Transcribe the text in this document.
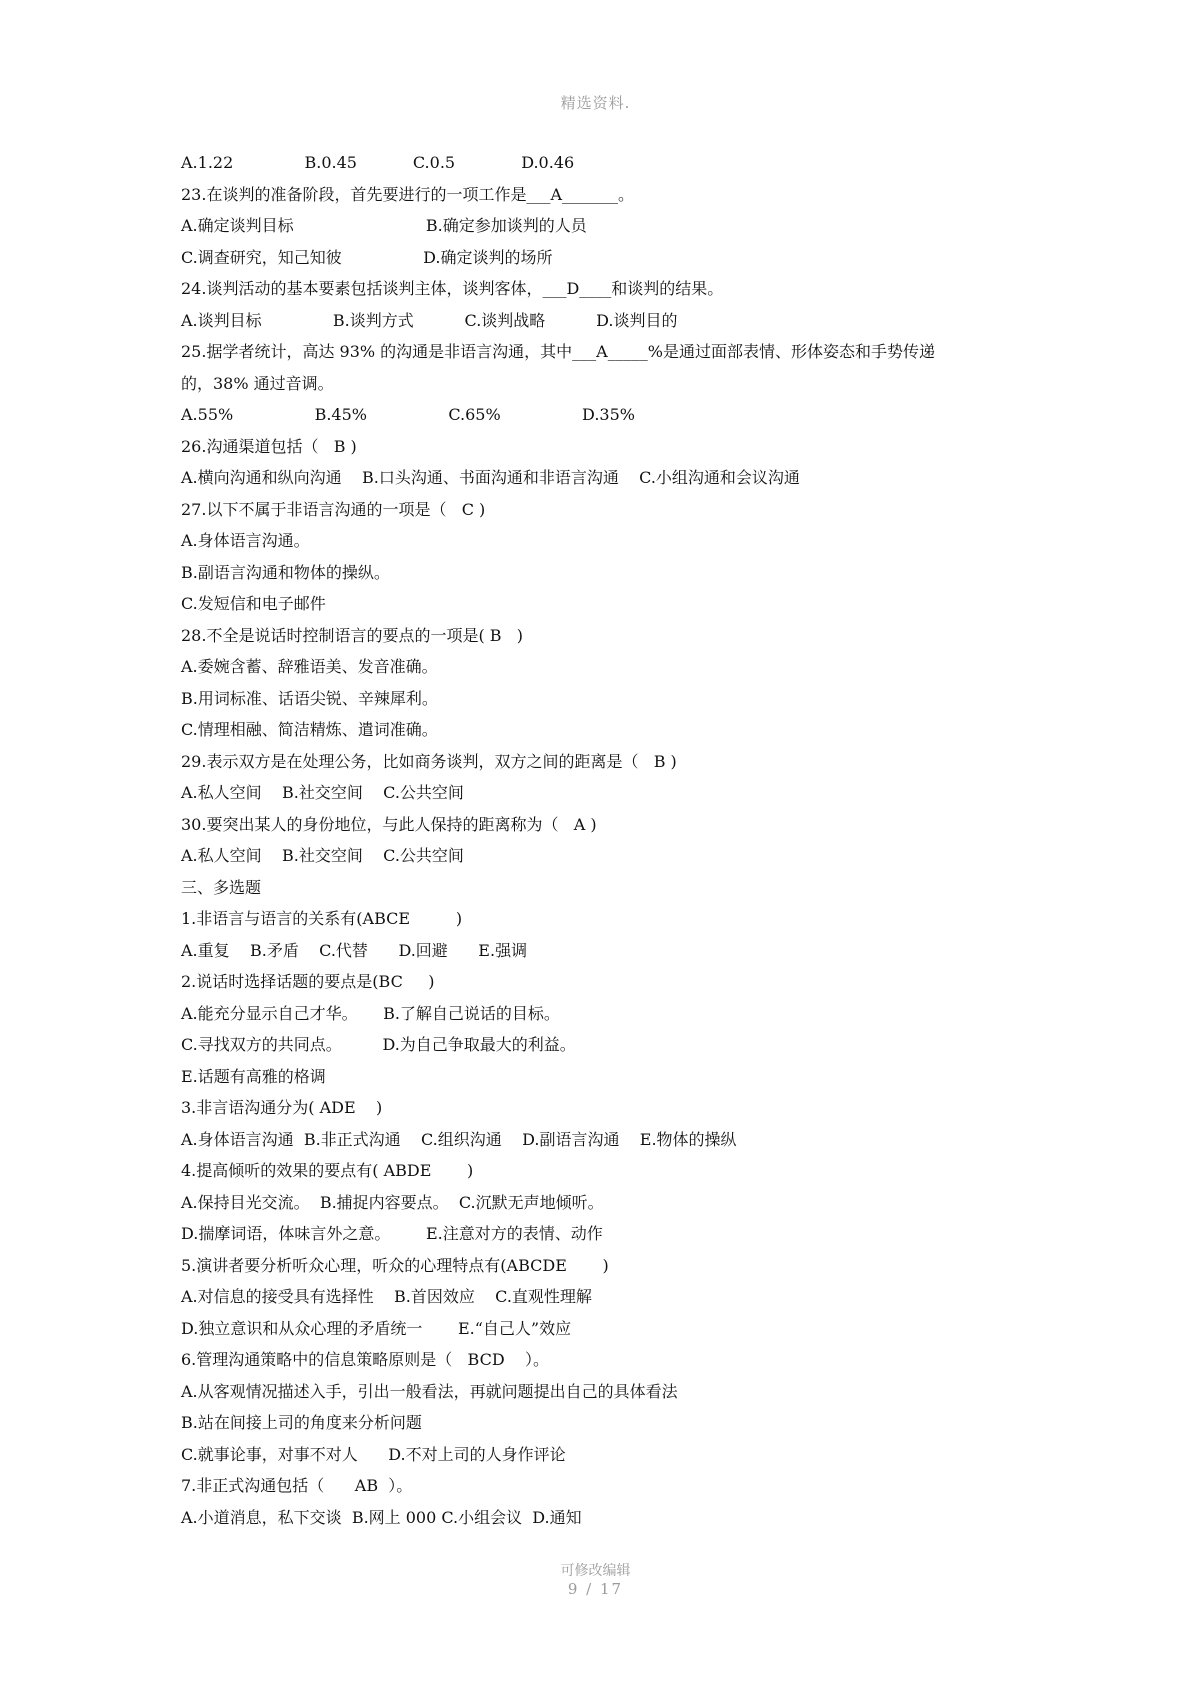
精选资料.
A.1.22              B.0.45           C.0.5             D.0.46
23.在谈判的准备阶段，首先要进行的一项工作是___A_______。
A.确定谈判目标                          B.确定参加谈判的人员
C.调查研究，知己知彼                D.确定谈判的场所
24.谈判活动的基本要素包括谈判主体，谈判客体，___D____和谈判的结果。
A.谈判目标              B.谈判方式          C.谈判战略          D.谈判目的
25.据学者统计，高达 93% 的沟通是非语言沟通，其中___A_____%是通过面部表情、形体姿态和手势传递
的，38% 通过音调。
A.55%                B.45%                C.65%                D.35%
26.沟通渠道包括（   B )
A.横向沟通和纵向沟通    B.口头沟通、书面沟通和非语言沟通    C.小组沟通和会议沟通
27.以下不属于非语言沟通的一项是（   C )
A.身体语言沟通。
B.副语言沟通和物体的操纵。
C.发短信和电子邮件
28.不全是说话时控制语言的要点的一项是( B   )
A.委婉含蓄、辞雅语美、发音准确。
B.用词标准、话语尖锐、辛辣犀利。
C.情理相融、简洁精炼、遣词准确。
29.表示双方是在处理公务，比如商务谈判，双方之间的距离是（   B )
A.私人空间    B.社交空间    C.公共空间
30.要突出某人的身份地位，与此人保持的距离称为（   A )
A.私人空间    B.社交空间    C.公共空间
三、多选题
1.非语言与语言的关系有(ABCE         )
A.重复    B.矛盾    C.代替      D.回避      E.强调
2.说话时选择话题的要点是(BC     )
A.能充分显示自己才华。     B.了解自己说话的目标。
C.寻找双方的共同点。        D.为自己争取最大的利益。
E.话题有高雅的格调
3.非言语沟通分为( ADE    )
A.身体语言沟通  B.非正式沟通    C.组织沟通    D.副语言沟通    E.物体的操纵
4.提高倾听的效果的要点有( ABDE       )
A.保持目光交流。  B.捕捉内容要点。  C.沉默无声地倾听。
D.揣摩词语，体味言外之意。       E.注意对方的表情、动作
5.演讲者要分析听众心理，听众的心理特点有(ABCDE       )
A.对信息的接受具有选择性    B.首因效应    C.直观性理解
D.独立意识和从众心理的矛盾统一       E.“自己人”效应
6.管理沟通策略中的信息策略原则是（   BCD    ）。
A.从客观情况描述入手，引出一般看法，再就问题提出自己的具体看法
B.站在间接上司的角度来分析问题
C.就事论事，对事不对人      D.不对上司的人身作评论
7.非正式沟通包括（      AB  ）。
A.小道消息，私下交谈  B.网上 000 C.小组会议  D.通知
可修改编辑
9 / 17
